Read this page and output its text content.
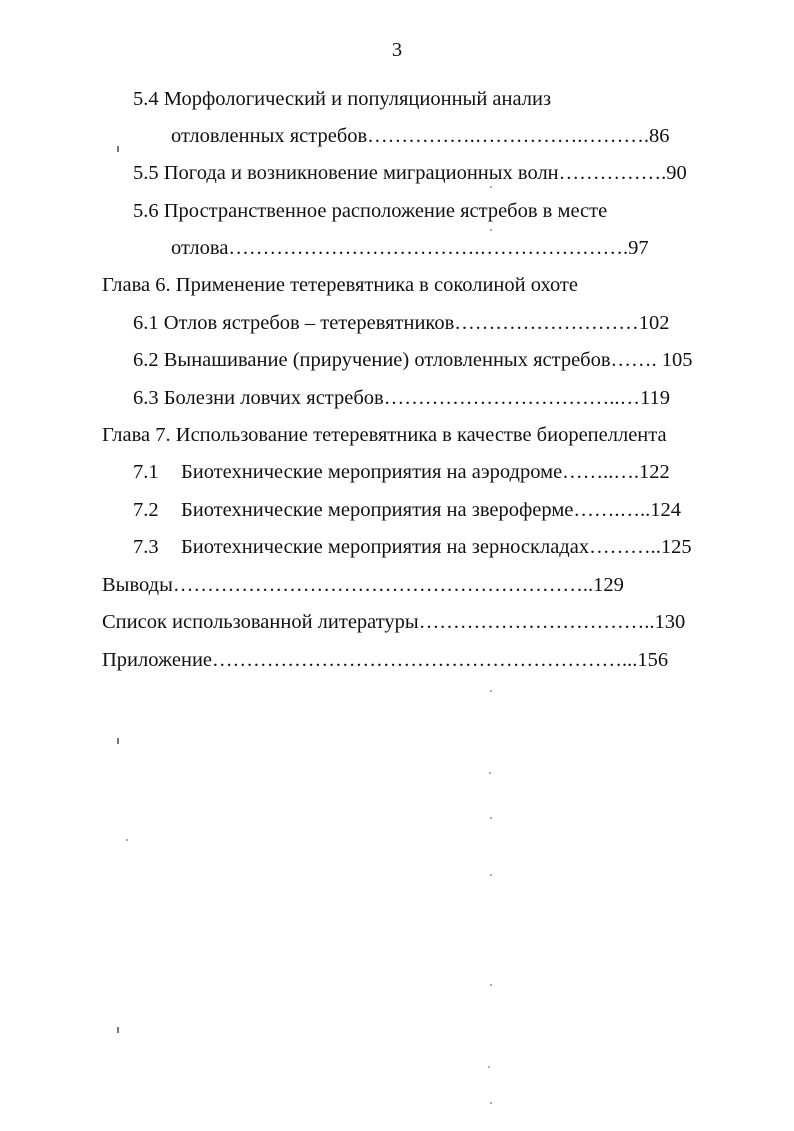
3
5.4 Морфологический и популяционный анализ
отловленных ястребов…………….…………….……….86
5.5 Погода и возникновение миграционных волн…………….90
5.6 Пространственное расположение ястребов в месте
отлова……………………………….………………….97
Глава 6. Применение тетеревятника в соколиной охоте
6.1 Отлов ястребов – тетеревятников………………………102
6.2 Вынашивание (приручение) отловленных ястребов……. 105
6.3 Болезни ловчих ястребов……………………………..…119
Глава 7. Использование тетеревятника в качестве биорепеллента
7.1 Биотехнические мероприятия на аэродроме……..….122
7.2 Биотехнические мероприятия на звероферме…….…..124
7.3 Биотехнические мероприятия на зерноскладах………..125
Выводы……………………………………………………..129
Список использованной литературы……………………………..130
Приложение……………………………………………………...156
